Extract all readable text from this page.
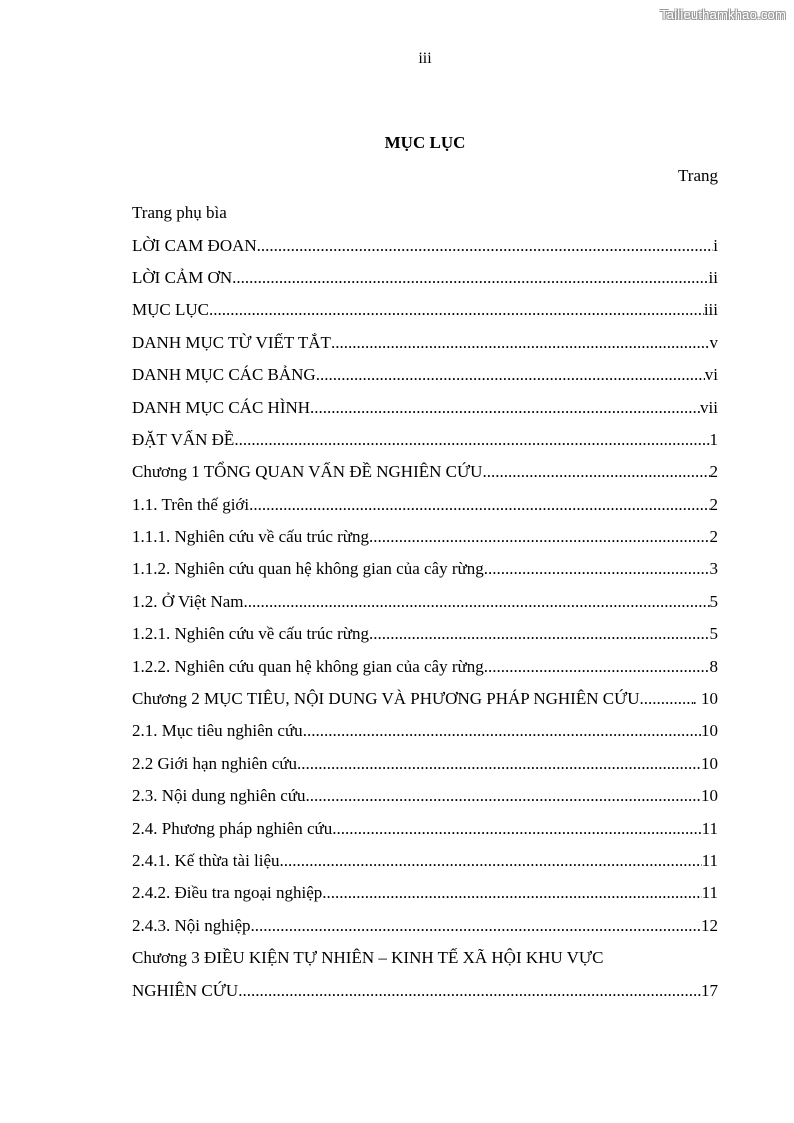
Tailieuthamkhao.com
iii
MỤC LỤC
Trang
Trang phụ bìa
LỜI CAM ĐOAN .....	i
LỜI CẢM ƠN .....	ii
MỤC LỤC .....	iii
DANH MỤC TỪ VIẾT TẮT .....	v
DANH MỤC CÁC BẢNG .....	vi
DANH MỤC CÁC HÌNH .....	vii
ĐẶT VẤN ĐỀ .....	1
Chương 1 TỔNG QUAN VẤN ĐỀ NGHIÊN CỨU .....	2
1.1. Trên thế giới .....	2
1.1.1. Nghiên cứu về cấu trúc rừng .....	2
1.1.2. Nghiên cứu quan hệ không gian của cây rừng .....	3
1.2. Ở Việt Nam .....	5
1.2.1. Nghiên cứu về cấu trúc rừng .....	5
1.2.2. Nghiên cứu quan hệ không gian của cây rừng .....	8
Chương 2 MỤC TIÊU, NỘI DUNG VÀ PHƯƠNG PHÁP NGHIÊN CỨU .....	. 10
2.1. Mục tiêu nghiên cứu .....	10
2.2 Giới hạn nghiên cứu .....	10
2.3. Nội dung nghiên cứu .....	10
2.4. Phương pháp nghiên cứu .....	11
2.4.1. Kế thừa tài liệu .....	11
2.4.2. Điều tra ngoại nghiệp .....	11
2.4.3. Nội nghiệp .....	12
Chương 3 ĐIỀU KIỆN TỰ NHIÊN – KINH TẾ XÃ HỘI KHU VỰC
NGHIÊN CỨU .....	17
